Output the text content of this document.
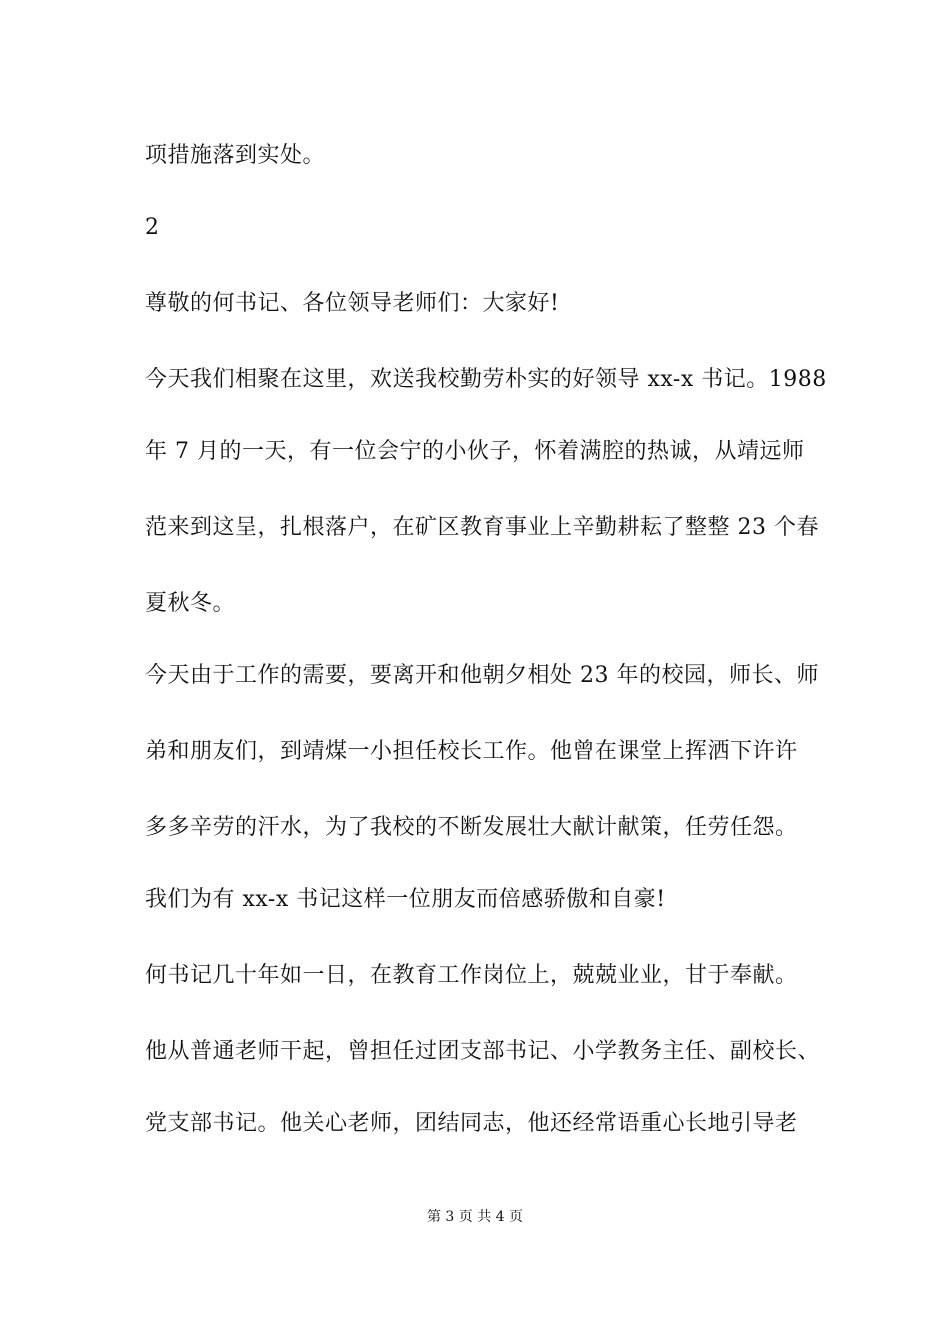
项措施落到实处。
2
尊敬的何书记、各位领导老师们：大家好!
今天我们相聚在这里，欢送我校勤劳朴实的好领导 xx-x 书记。1988
年 7 月的一天，有一位会宁的小伙子，怀着满腔的热诚，从靖远师
范来到这呈，扎根落户，在矿区教育事业上辛勤耕耘了整整 23 个春
夏秋冬。
今天由于工作的需要，要离开和他朝夕相处 23 年的校园，师长、师
弟和朋友们，到靖煤一小担任校长工作。他曾在课堂上挥洒下许许
多多辛劳的汗水，为了我校的不断发展壮大献计献策，任劳任怨。
我们为有 xx-x 书记这样一位朋友而倍感骄傲和自豪!
何书记几十年如一日，在教育工作岗位上，兢兢业业，甘于奉献。
他从普通老师干起，曾担任过团支部书记、小学教务主任、副校长、
党支部书记。他关心老师，团结同志，他还经常语重心长地引导老
第 3 页 共 4 页
